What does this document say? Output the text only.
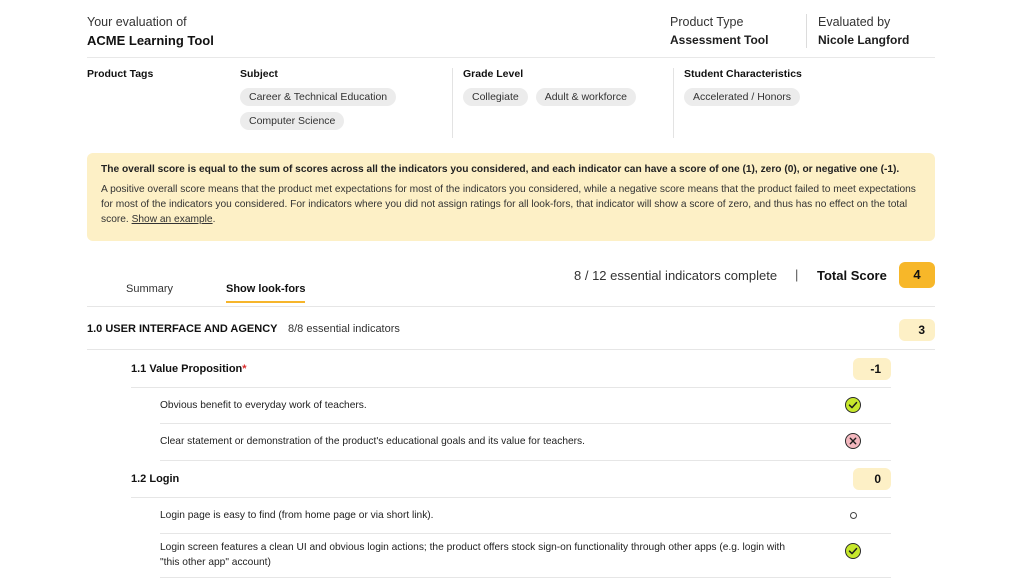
Your evaluation of
ACME Learning Tool
Product Type
Assessment Tool
Evaluated by
Nicole Langford
Product Tags	Subject
Career & Technical Education
Computer Science
Grade Level
Collegiate	Adult & workforce
Student Characteristics
Accelerated / Honors

The overall score is equal to the sum of scores across all the indicators you considered, and each indicator can have a score of one (1), zero (0), or negative one (-1).

A positive overall score means that the product met expectations for most of the indicators you considered, while a negative score means that the product failed to meet expectations for most of the indicators you considered. For indicators where you did not assign ratings for all look-fors, that indicator will show a score of zero, and thus has no effect on the total score. Show an example.

Summary	Show look-fors
8 / 12 essential indicators complete | Total Score	4
1.0 USER INTERFACE AND AGENCY 8/8 essential indicators	3
1.1 Value Proposition*	-1
Obvious benefit to everyday work of teachers.
Clear statement or demonstration of the product's educational goals and its value for teachers.
1.2 Login	0
Login page is easy to find (from home page or via short link).
Login screen features a clean UI and obvious login actions; the product offers stock sign-on functionality through other apps (e.g. login with "this other app" account)
